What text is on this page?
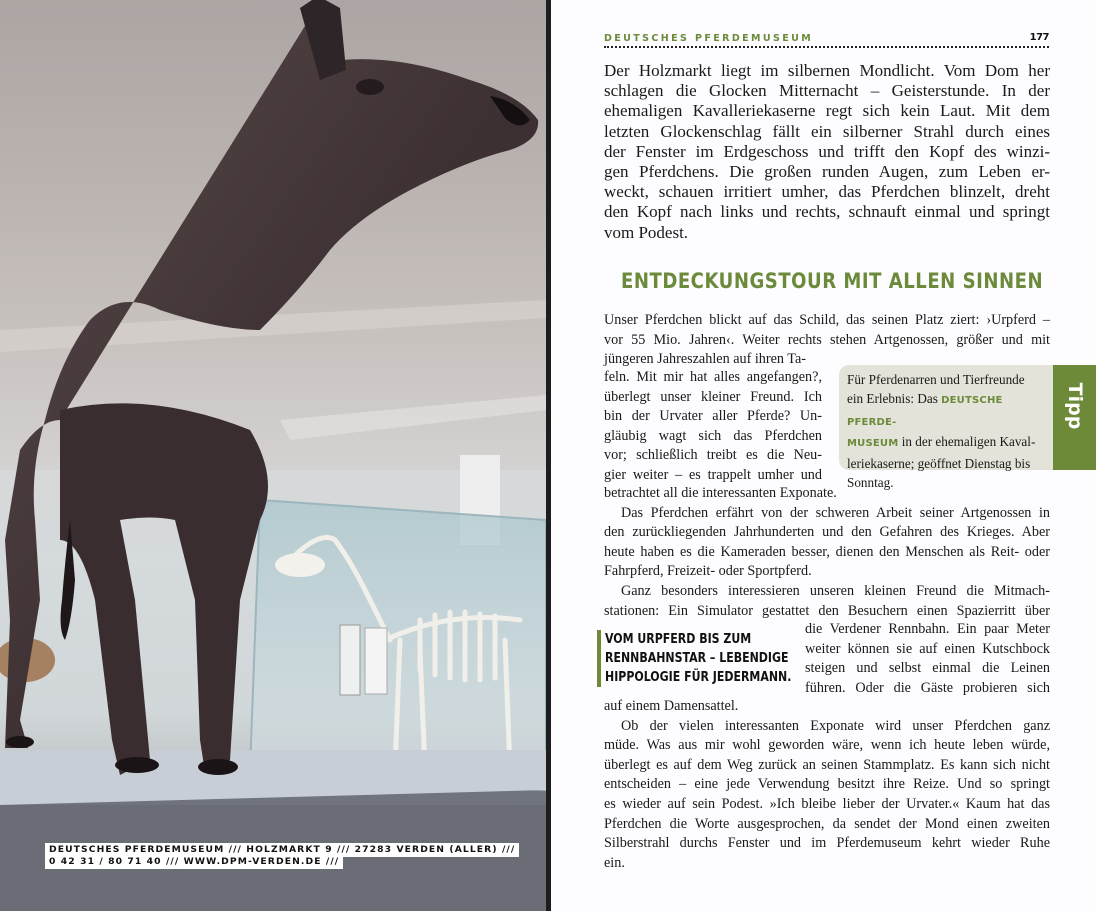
DEUTSCHES PFERDEMUSEUM /// HOLZMARKT 9 /// 27283 VERDEN (ALLER) ///
0 42 31 / 80 71 40 /// WWW.DPM-VERDEN.DE ///
DEUTSCHES PFERDEMUSEUM	177
Der Holzmarkt liegt im silbernen Mondlicht. Vom Dom her
schlagen die Glocken Mitternacht – Geisterstunde. In der
ehemaligen Kavalleriekaserne regt sich kein Laut. Mit dem
letzten Glockenschlag fällt ein silberner Strahl durch eines
der Fenster im Erdgeschoss und trifft den Kopf des winzi-
gen Pferdchens. Die großen runden Augen, zum Leben er-
weckt, schauen irritiert umher, das Pferdchen blinzelt, dreht
den Kopf nach links und rechts, schnauft einmal und springt
vom Podest.
ENTDECKUNGSTOUR MIT ALLEN SINNEN
Unser Pferdchen blickt auf das Schild, das seinen Platz ziert: ›Urpferd –
vor 55 Mio. Jahren‹. Weiter rechts stehen Artgenossen, größer und mit
jüngeren Jahreszahlen auf ihren Ta-
feln. Mit mir hat alles angefangen?,
überlegt unser kleiner Freund. Ich
bin der Urvater aller Pferde? Un-
gläubig wagt sich das Pferdchen
vor; schließlich treibt es die Neu-
gier weiter – es trappelt umher und
Für Pferdenarren und Tierfreunde
ein Erlebnis: Das DEUTSCHE PFERDE-
MUSEUM in der ehemaligen Kaval-
leriekaserne; geöffnet Dienstag bis
Sonntag.
Tipp
betrachtet all die interessanten Exponate.
Das Pferdchen erfährt von der schweren Arbeit seiner Artgenossen in
den zurückliegenden Jahrhunderten und den Gefahren des Krieges. Aber
heute haben es die Kameraden besser, dienen den Menschen als Reit- oder
Fahrpferd, Freizeit- oder Sportpferd.
Ganz besonders interessieren unseren kleinen Freund die Mitmach-
stationen: Ein Simulator gestattet den Besuchern einen Spazierritt über
VOM URPFERD BIS ZUM
RENNBAHNSTAR – LEBENDIGE
HIPPOLOGIE FÜR JEDERMANN.
die Verdener Rennbahn. Ein paar Meter
weiter können sie auf einen Kutschbock
steigen und selbst einmal die Leinen
führen. Oder die Gäste probieren sich
auf einem Damensattel.
Ob der vielen interessanten Exponate wird unser Pferdchen ganz
müde. Was aus mir wohl geworden wäre, wenn ich heute leben würde,
überlegt es auf dem Weg zurück an seinen Stammplatz. Es kann sich nicht
entscheiden – eine jede Verwendung besitzt ihre Reize. Und so springt
es wieder auf sein Podest. »Ich bleibe lieber der Urvater.« Kaum hat das
Pferdchen die Worte ausgesprochen, da sendet der Mond einen zweiten
Silberstrahl durchs Fenster und im Pferdemuseum kehrt wieder Ruhe
ein.
